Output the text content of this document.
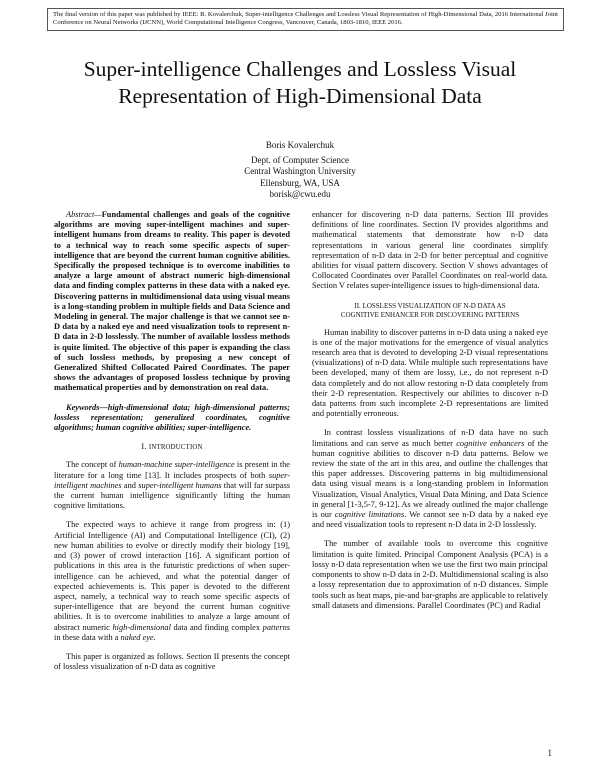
The final version of this paper was published by IEEE: B. Kovalerchuk, Super-intelligence Challenges and Lossless Visual Representation of High-Dimensional Data, 2016 International Joint Conference on Neural Networks (IJCNN), World Computational Intelligence Congress, Vancouver, Canada, 1803-1810, IEEE 2016.
Super-intelligence Challenges and Lossless Visual
Representation of High-Dimensional Data
Boris Kovalerchuk
Dept. of Computer Science
Central Washington University
Ellensburg, WA, USA
borisk@cwu.edu

Abstract—Fundamental challenges and goals of the cognitive algorithms are moving super-intelligent machines and super-intelligent humans from dreams to reality. This paper is devoted to a technical way to reach some specific aspects of super-intelligence that are beyond the current human cognitive abilities. Specifically the proposed technique is to overcome inabilities to analyze a large amount of abstract numeric high-dimensional data and finding complex patterns in these data with a naked eye. Discovering patterns in multidimensional data using visual means is a long-standing problem in multiple fields and Data Science and Modeling in general. The major challenge is that we cannot see n-D data by a naked eye and need visualization tools to represent n-D data in 2-D losslessly. The number of available lossless methods is quite limited. The objective of this paper is expanding the class of such lossless methods, by proposing a new concept of Generalized Shifted Collocated Paired Coordinates. The paper shows the advantages of proposed lossless technique by proving mathematical properties and by demonstration on real data.

Keywords—high-dimensional data; high-dimensional patterns; lossless representation; generalized coordinates, cognitive algorithms; human cognitive abilities; super-intelligence.

I. INTRODUCTION

The concept of human-machine super-intelligence is present in the literature for a long time [13]. It includes prospects of both super-intelligent machines and super-intelligent humans that will far surpass the current human intelligence significantly lifting the human cognitive limitations.

The expected ways to achieve it range from progress in: (1) Artificial Intelligence (AI) and Computational Intelligence (CI), (2) new human abilities to evolve or directly modify their biology [19], and (3) power of crowd interaction [16]. A significant portion of publications in this area is the futuristic predictions of when super-intelligence can be achieved, and what the potential danger of expected achievements is. This paper is devoted to the different aspect, namely, a technical way to reach some specific aspects of super-intelligence that are beyond the current human cognitive abilities. It is to overcome inabilities to analyze a large amount of abstract numeric high-dimensional data and finding complex patterns in these data with a naked eye.

This paper is organized as follows. Section II presents the concept of lossless visualization of n-D data as cognitive

enhancer for discovering n-D data patterns. Section III provides definitions of line coordinates. Section IV provides algorithms and mathematical statements that demonstrate how n-D data representations in various general line coordinates simplify representation of n-D data in 2-D for better perceptual and cognitive abilities for visual pattern discovery. Section V shows advantages of Collocated Coordinates over Parallel Coordinates on real-world data. Section V relates super-intelligence issues to high-dimensional data.

II. LOSSLESS VISUALIZATION OF N-D DATA AS
COGNITIVE ENHANCER FOR DISCOVERING PATTERNS

Human inability to discover patterns in n-D data using a naked eye is one of the major motivations for the emergence of visual analytics research area that is devoted to developing 2-D visual representations (visualizations) of n-D data. While multiple such representations have been developed, many of them are lossy, i.e., do not represent n-D data completely and do not allow restoring n-D data completely from their 2-D representation. Respectively our abilities to discover n-D data patterns from such incomplete 2-D representations are limited and potentially erroneous.

In contrast lossless visualizations of n-D data have no such limitations and can serve as much better cognitive enhancers of the human cognitive abilities to discover n-D data patterns. Below we review the state of the art in this area, and outline the challenges that this paper addresses. Discovering patterns in big multidimensional data using visual means is a long-standing problem in Information Visualization, Visual Analytics, Visual Data Mining, and Data Science in general [1-3,5-7, 9-12]. As we already outlined the major challenge is our cognitive limitations. We cannot see n-D data by a naked eye and need visualization tools to represent n-D data in 2-D losslessly.

The number of available tools to overcome this cognitive limitation is quite limited. Principal Component Analysis (PCA) is a lossy n-D data representation when we use the first two main principal components to show n-D data in 2-D. Multidimensional scaling is also a lossy representation due to approximation of n-D distances. Simple tools such as heat maps, pie-and bar-graphs are applicable to relatively small datasets and dimensions. Parallel Coordinates (PC) and Radial

1
